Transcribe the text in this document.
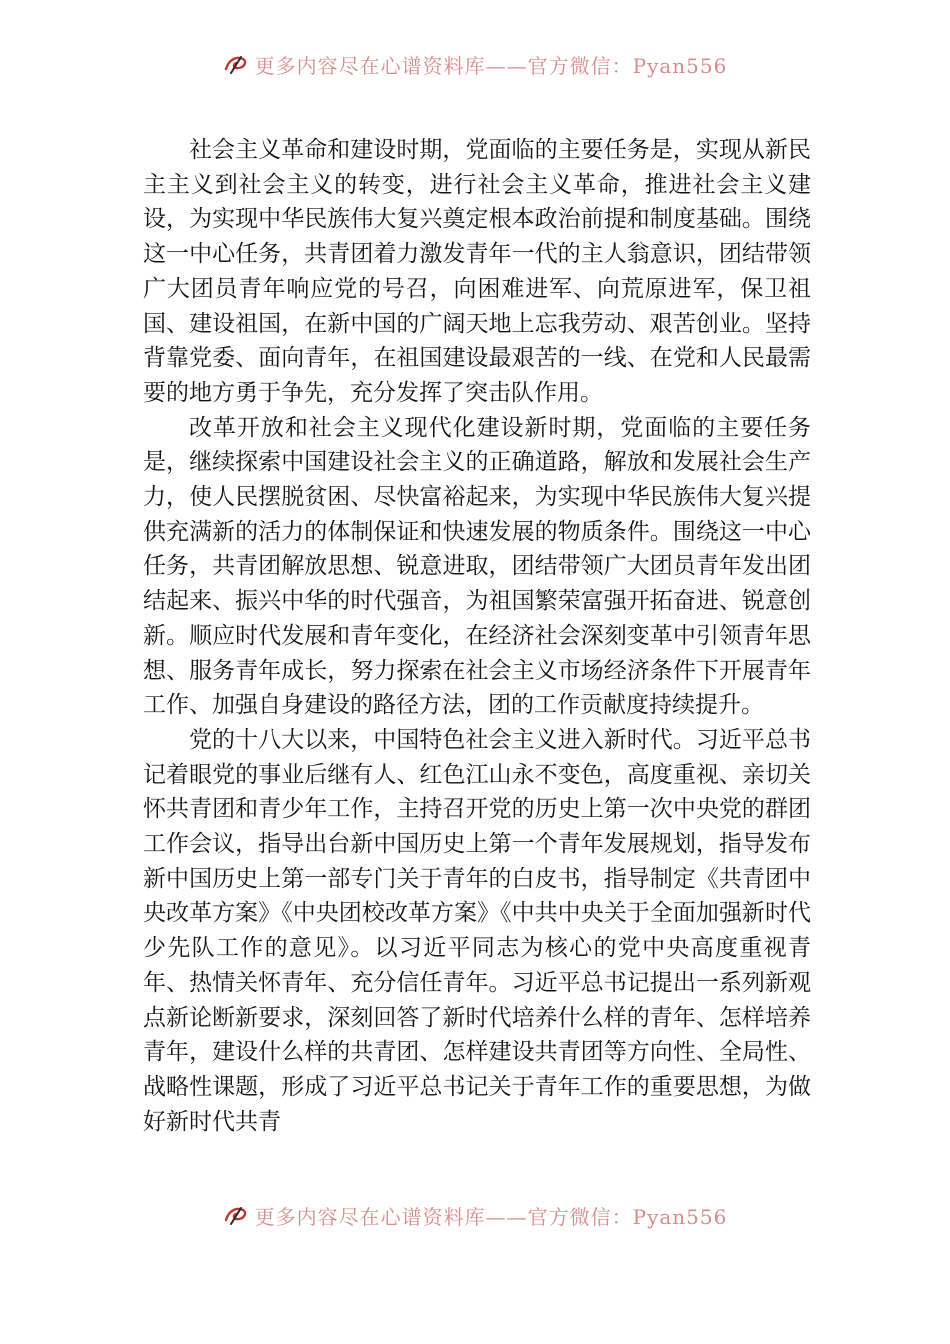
更多内容尽在心谱资料库——官方微信：Pyan556

社会主义革命和建设时期，党面临的主要任务是，实现从新民主主义到社会主义的转变，进行社会主义革命，推进社会主义建设，为实现中华民族伟大复兴奠定根本政治前提和制度基础。围绕这一中心任务，共青团着力激发青年一代的主人翁意识，团结带领广大团员青年响应党的号召，向困难进军、向荒原进军，保卫祖国、建设祖国，在新中国的广阔天地上忘我劳动、艰苦创业。坚持背靠党委、面向青年，在祖国建设最艰苦的一线、在党和人民最需要的地方勇于争先，充分发挥了突击队作用。

改革开放和社会主义现代化建设新时期，党面临的主要任务是，继续探索中国建设社会主义的正确道路，解放和发展社会生产力，使人民摆脱贫困、尽快富裕起来，为实现中华民族伟大复兴提供充满新的活力的体制保证和快速发展的物质条件。围绕这一中心任务，共青团解放思想、锐意进取，团结带领广大团员青年发出团结起来、振兴中华的时代强音，为祖国繁荣富强开拓奋进、锐意创新。顺应时代发展和青年变化，在经济社会深刻变革中引领青年思想、服务青年成长，努力探索在社会主义市场经济条件下开展青年工作、加强自身建设的路径方法，团的工作贡献度持续提升。

党的十八大以来，中国特色社会主义进入新时代。习近平总书记着眼党的事业后继有人、红色江山永不变色，高度重视、亲切关怀共青团和青少年工作，主持召开党的历史上第一次中央党的群团工作会议，指导出台新中国历史上第一个青年发展规划，指导发布新中国历史上第一部专门关于青年的白皮书，指导制定《共青团中央改革方案》《中央团校改革方案》《中共中央关于全面加强新时代少先队工作的意见》。以习近平同志为核心的党中央高度重视青年、热情关怀青年、充分信任青年。习近平总书记提出一系列新观点新论断新要求，深刻回答了新时代培养什么样的青年、怎样培养青年，建设什么样的共青团、怎样建设共青团等方向性、全局性、战略性课题，形成了习近平总书记关于青年工作的重要思想，为做好新时代共青

更多内容尽在心谱资料库——官方微信：Pyan556
